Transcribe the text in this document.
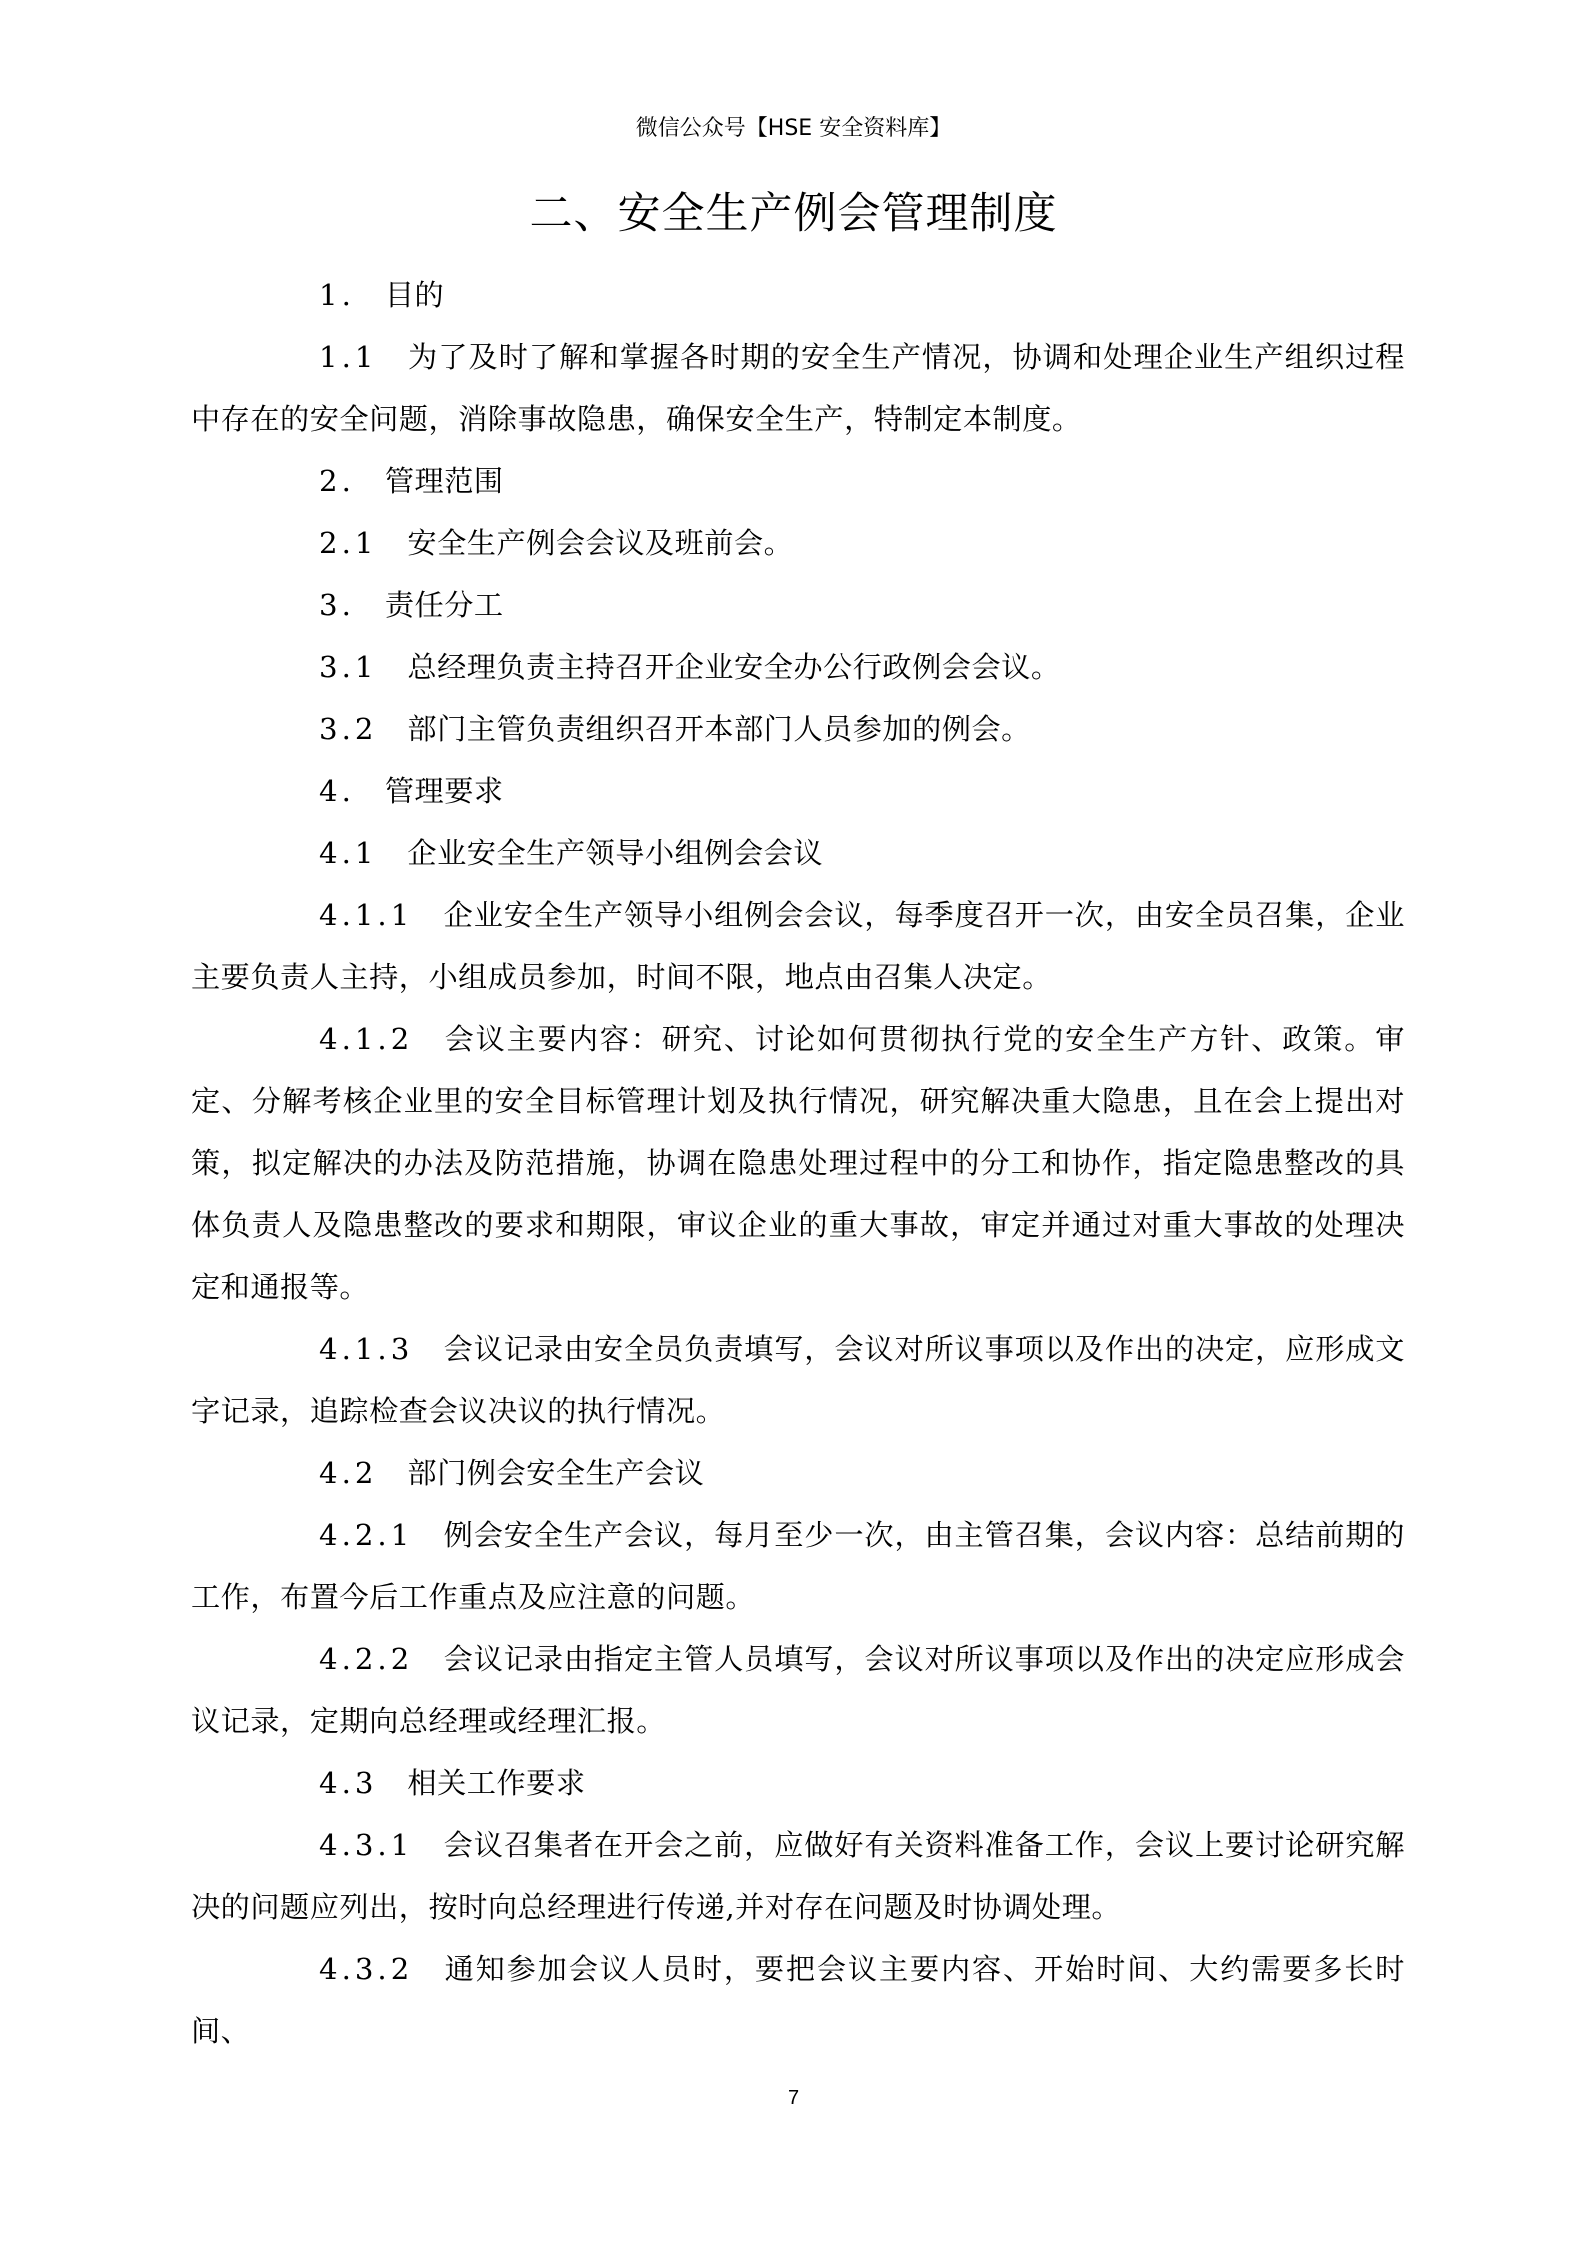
微信公众号【HSE 安全资料库】
二、安全生产例会管理制度

1. 目的

1.1 为了及时了解和掌握各时期的安全生产情况，协调和处理企业生产组织过程中存在的安全问题，消除事故隐患，确保安全生产，特制定本制度。

2. 管理范围

2.1 安全生产例会会议及班前会。

3. 责任分工

3.1 总经理负责主持召开企业安全办公行政例会会议。

3.2 部门主管负责组织召开本部门人员参加的例会。

4. 管理要求

4.1 企业安全生产领导小组例会会议

4.1.1 企业安全生产领导小组例会会议，每季度召开一次，由安全员召集，企业主要负责人主持，小组成员参加，时间不限，地点由召集人决定。

4.1.2 会议主要内容：研究、讨论如何贯彻执行党的安全生产方针、政策。审定、分解考核企业里的安全目标管理计划及执行情况，研究解决重大隐患，且在会上提出对策，拟定解决的办法及防范措施，协调在隐患处理过程中的分工和协作，指定隐患整改的具体负责人及隐患整改的要求和期限，审议企业的重大事故，审定并通过对重大事故的处理决定和通报等。

4.1.3 会议记录由安全员负责填写，会议对所议事项以及作出的决定，应形成文字记录，追踪检查会议决议的执行情况。

4.2 部门例会安全生产会议

4.2.1 例会安全生产会议，每月至少一次，由主管召集，会议内容：总结前期的工作，布置今后工作重点及应注意的问题。

4.2.2 会议记录由指定主管人员填写，会议对所议事项以及作出的决定应形成会议记录，定期向总经理或经理汇报。

4.3 相关工作要求

4.3.1 会议召集者在开会之前，应做好有关资料准备工作，会议上要讨论研究解决的问题应列出，按时向总经理进行传递,并对存在问题及时协调处理。

4.3.2 通知参加会议人员时，要把会议主要内容、开始时间、大约需要多长时间、

7
